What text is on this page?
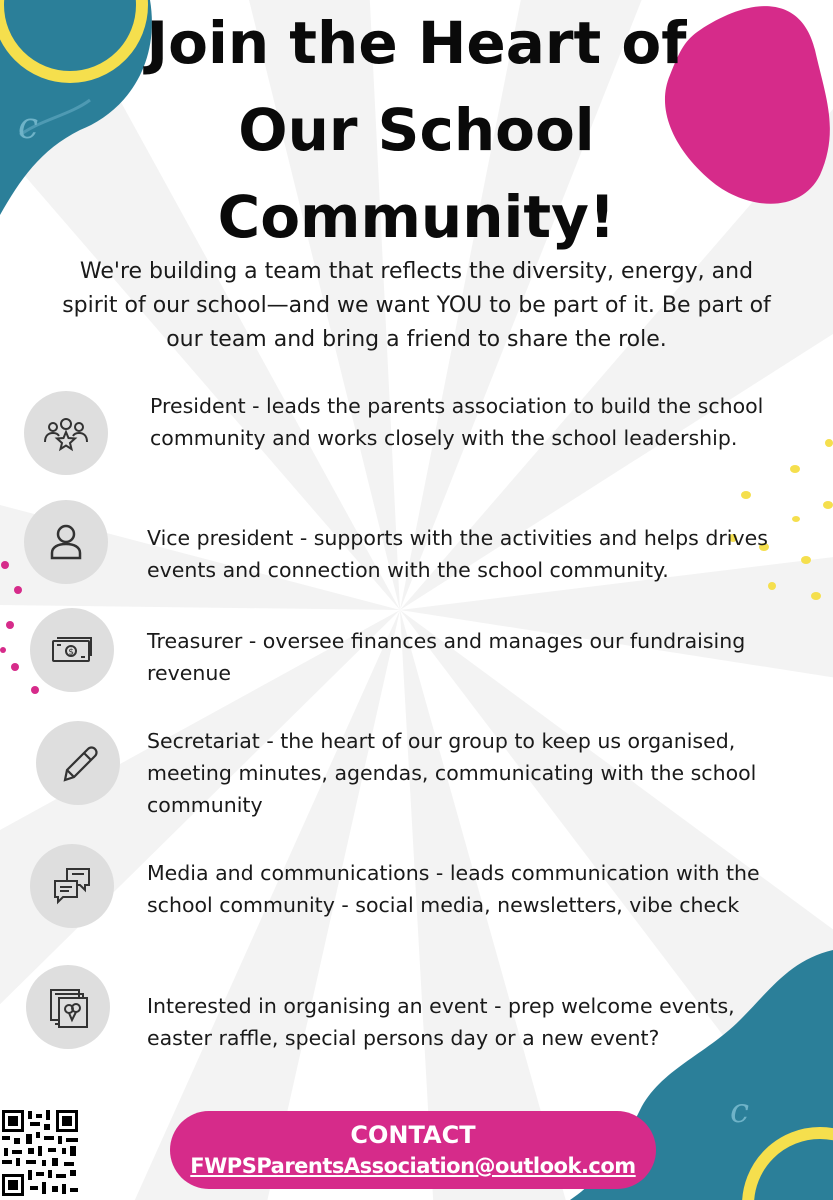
c
c
Join the Heart of
Our School
Community!

We're building a team that reflects the diversity, energy, and spirit of our school—and we want YOU to be part of it. Be part of our team and bring a friend to share the role.

President - leads the parents association to build the school community and works closely with the school leadership.

Vice president - supports with the activities and helps drives events and connection with the school community.

$	Treasurer - oversee finances and manages our fundraising revenue

Secretariat - the heart of our group to keep us organised, meeting minutes, agendas, communicating with the school community

Media and communications - leads communication with the school community - social media, newsletters, vibe check

Interested in organising an event - prep welcome events, easter raffle, special persons day or a new event?

CONTACT
FWPSParentsAssociation@outlook.com
